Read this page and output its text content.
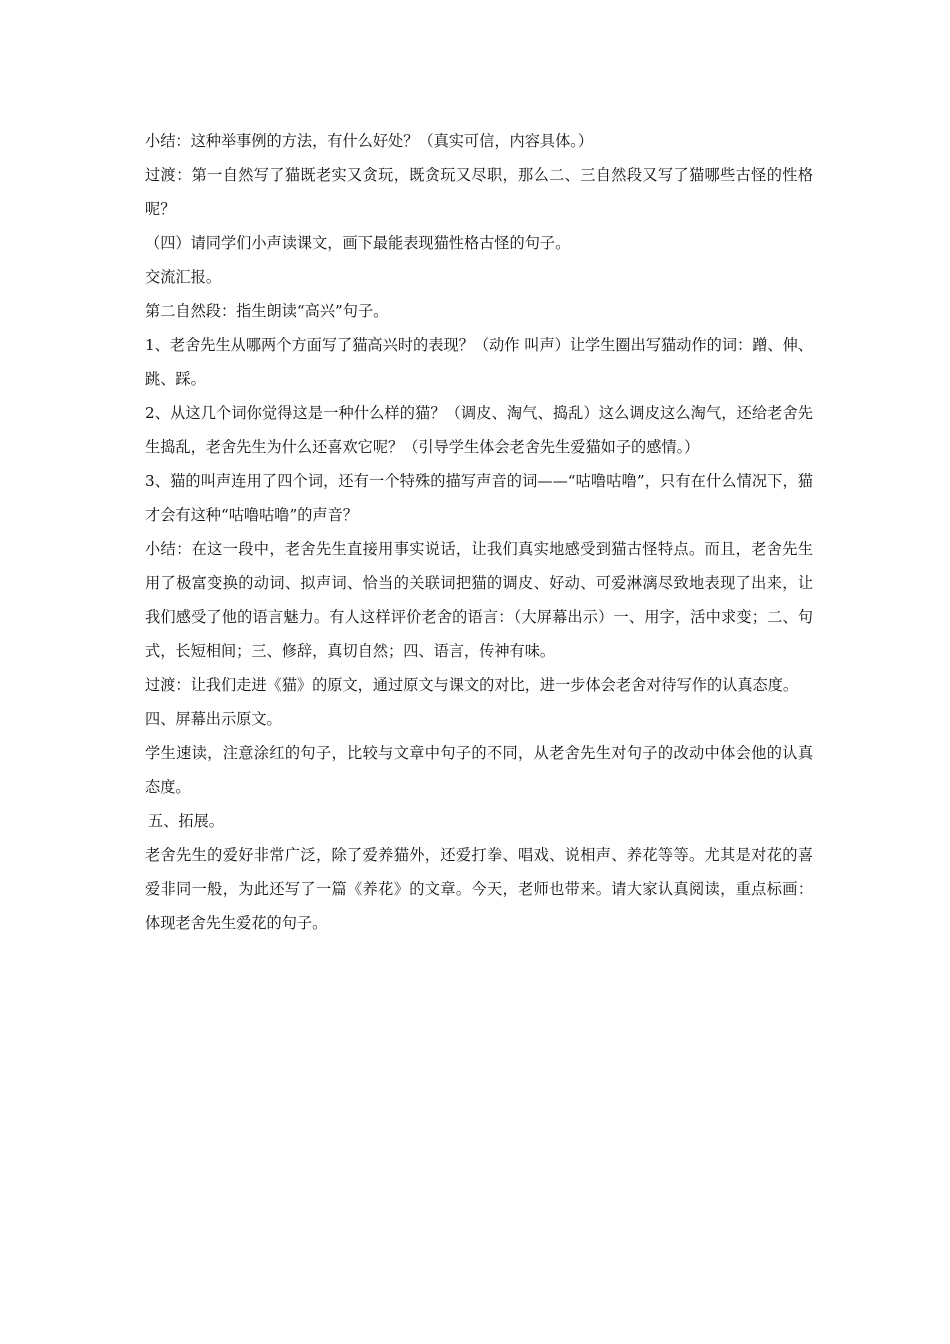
小结：这种举事例的方法，有什么好处？（真实可信，内容具体。）

过渡：第一自然写了猫既老实又贪玩，既贪玩又尽职，那么二、三自然段又写了猫哪些古怪的性格呢？

（四）请同学们小声读课文，画下最能表现猫性格古怪的句子。

交流汇报。

第二自然段：指生朗读“高兴”句子。

1、老舍先生从哪两个方面写了猫高兴时的表现？（动作 叫声）让学生圈出写猫动作的词：蹭、伸、跳、踩。

2、从这几个词你觉得这是一种什么样的猫？（调皮、淘气、捣乱）这么调皮这么淘气，还给老舍先生捣乱，老舍先生为什么还喜欢它呢？（引导学生体会老舍先生爱猫如子的感情。）

3、猫的叫声连用了四个词，还有一个特殊的描写声音的词——“咕噜咕噜”，只有在什么情况下，猫才会有这种“咕噜咕噜”的声音？

小结：在这一段中，老舍先生直接用事实说话，让我们真实地感受到猫古怪特点。而且，老舍先生用了极富变换的动词、拟声词、恰当的关联词把猫的调皮、好动、可爱淋漓尽致地表现了出来，让我们感受了他的语言魅力。有人这样评价老舍的语言：（大屏幕出示）一、用字，活中求变；二、句式，长短相间；三、修辞，真切自然；四、语言，传神有味。

过渡：让我们走进《猫》的原文，通过原文与课文的对比，进一步体会老舍对待写作的认真态度。

四、屏幕出示原文。

学生速读，注意涂红的句子，比较与文章中句子的不同，从老舍先生对句子的改动中体会他的认真态度。

五、拓展。

老舍先生的爱好非常广泛，除了爱养猫外，还爱打拳、唱戏、说相声、养花等等。尤其是对花的喜爱非同一般，为此还写了一篇《养花》的文章。今天，老师也带来。请大家认真阅读，重点标画：体现老舍先生爱花的句子。
